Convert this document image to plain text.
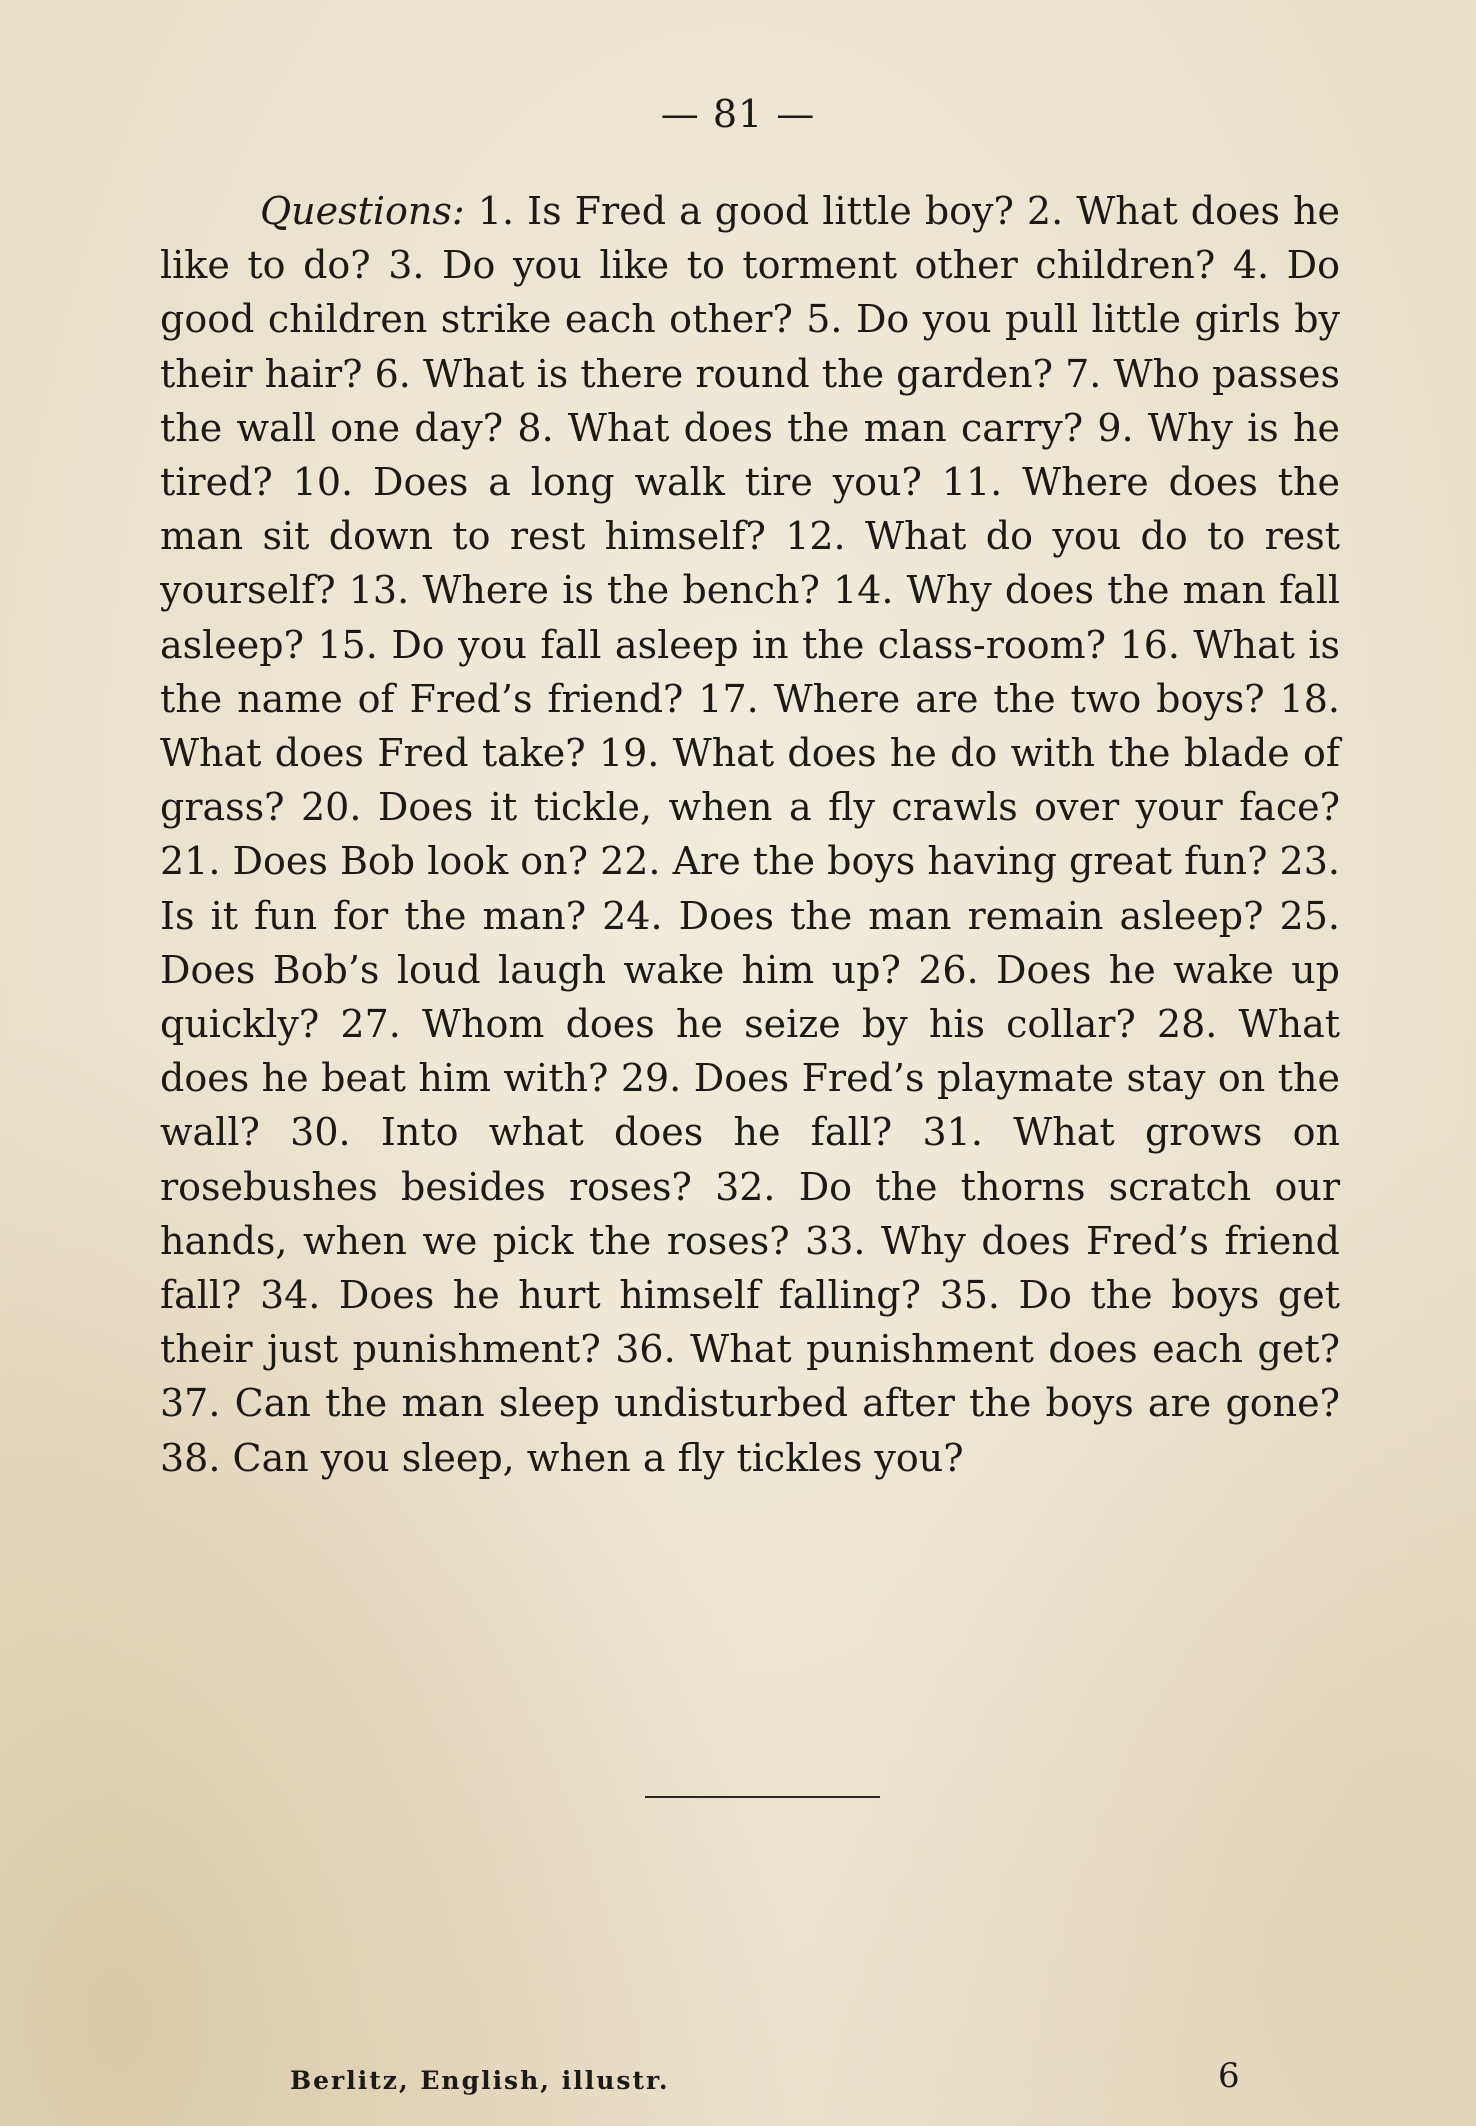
— 81 —

Questions: 1. Is Fred a good little boy? 2. What does he like to do? 3. Do you like to torment other children? 4. Do good children strike each other? 5. Do you pull little girls by their hair? 6. What is there round the garden? 7. Who passes the wall one day? 8. What does the man carry? 9. Why is he tired? 10. Does a long walk tire you? 11. Where does the man sit down to rest himself? 12. What do you do to rest yourself? 13. Where is the bench? 14. Why does the man fall asleep? 15. Do you fall asleep in the class-room? 16. What is the name of Fred’s friend? 17. Where are the two boys? 18. What does Fred take? 19. What does he do with the blade of grass? 20. Does it tickle, when a fly crawls over your face? 21. Does Bob look on? 22. Are the boys having great fun? 23. Is it fun for the man? 24. Does the man remain asleep? 25. Does Bob’s loud laugh wake him up? 26. Does he wake up quickly? 27. Whom does he seize by his collar? 28. What does he beat him with? 29. Does Fred’s playmate stay on the wall? 30. Into what does he fall? 31. What grows on rosebushes besides roses? 32. Do the thorns scratch our hands, when we pick the roses? 33. Why does Fred’s friend fall? 34. Does he hurt himself falling? 35. Do the boys get their just punishment? 36. What punishment does each get? 37. Can the man sleep undisturbed after the boys are gone? 38. Can you sleep, when a fly tickles you?

Berlitz, English, illustr.	6
